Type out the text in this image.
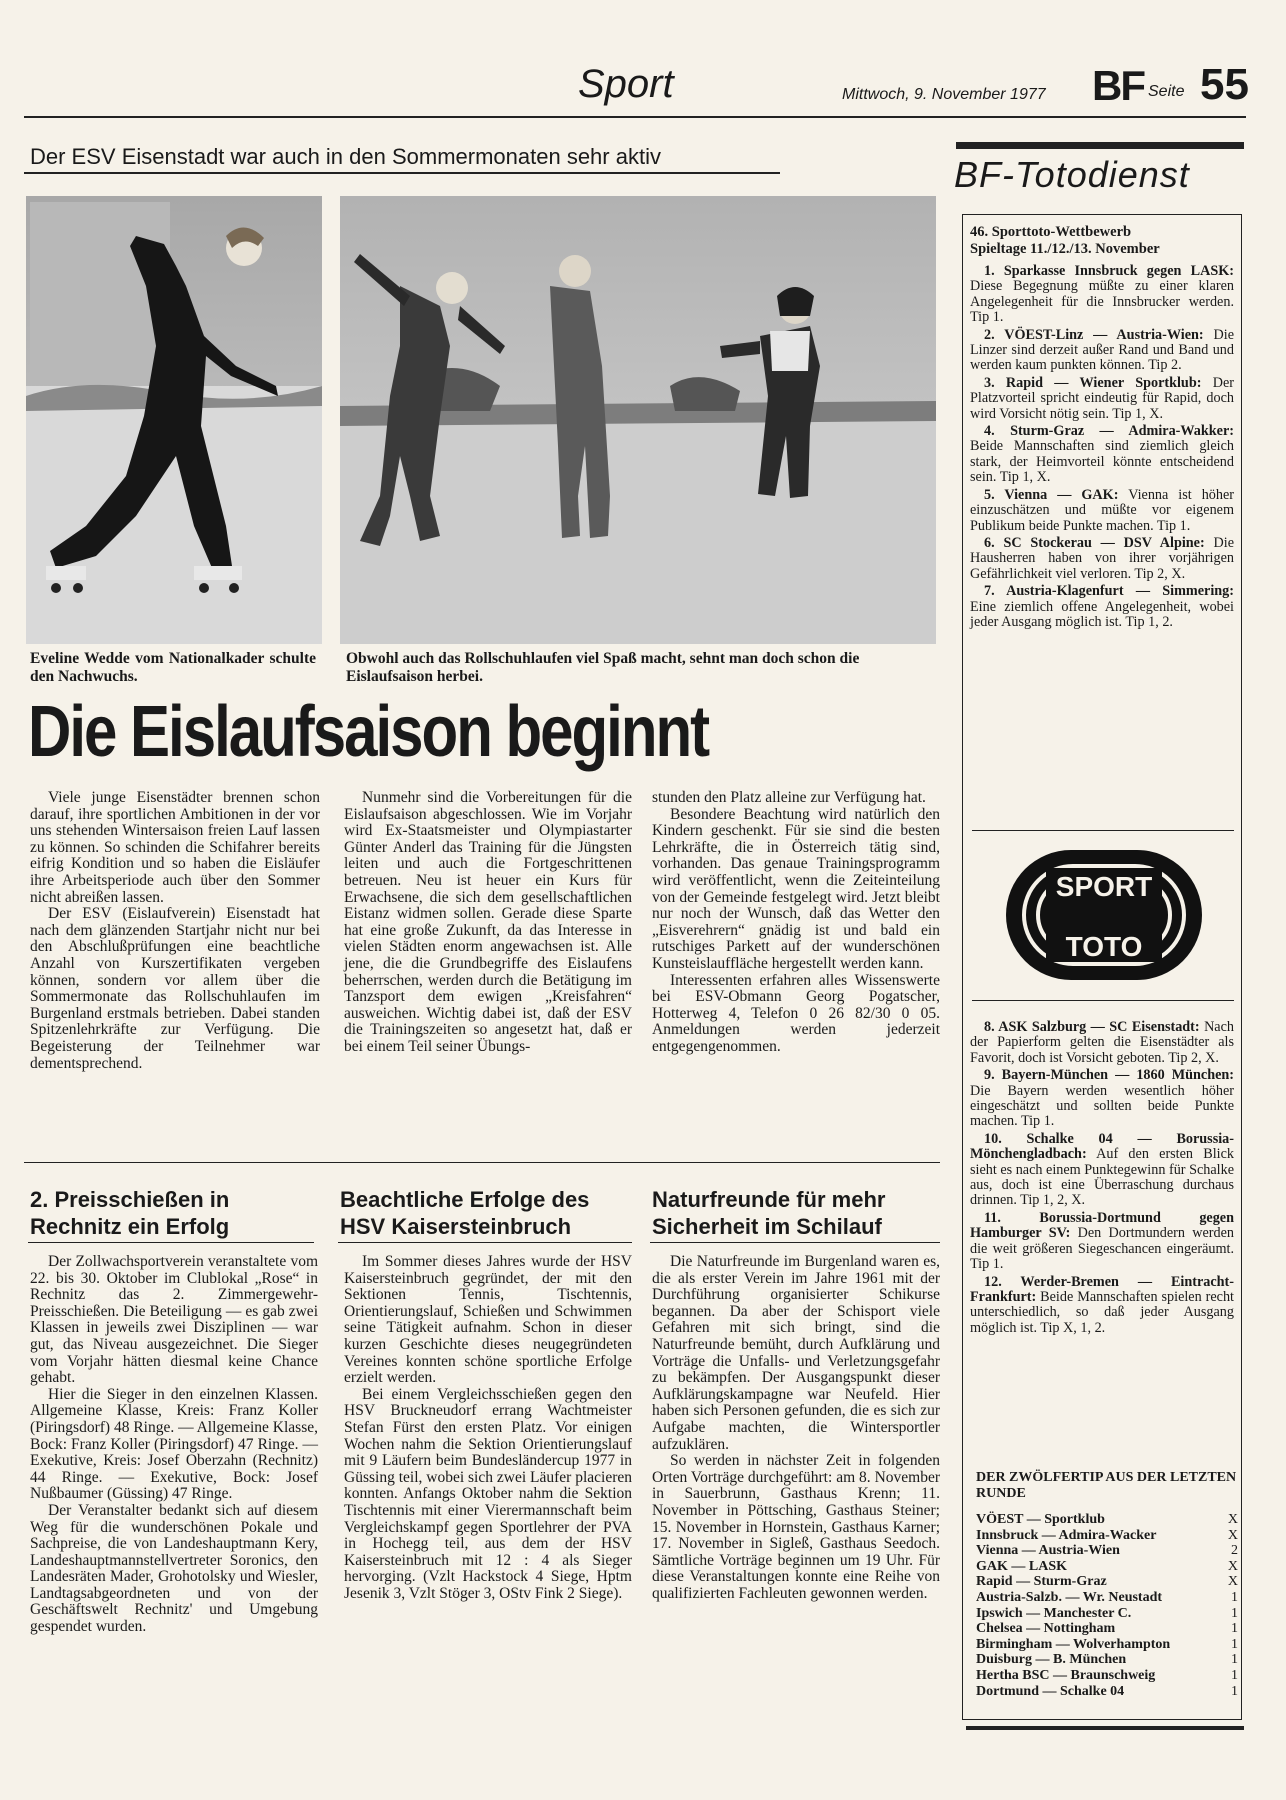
Sport	Mittwoch, 9. November 1977 BF Seite 55
Der ESV Eisenstadt war auch in den Sommermonaten sehr aktiv
Eveline Wedde vom Nationalkader schulte den Nachwuchs.
Obwohl auch das Rollschuhlaufen viel Spaß macht, sehnt man doch schon die Eislaufsaison herbei.
Die Eislaufsaison beginnt

Viele junge Eisenstädter brennen schon darauf, ihre sportlichen Ambitionen in der vor uns stehenden Wintersaison freien Lauf lassen zu können. So schinden die Schifahrer bereits eifrig Kondition und so haben die Eisläufer ihre Arbeitsperiode auch über den Sommer nicht abreißen lassen.

Der ESV (Eislaufverein) Eisenstadt hat nach dem glänzenden Startjahr nicht nur bei den Abschlußprüfungen eine beachtliche Anzahl von Kurszertifikaten vergeben können, sondern vor allem über die Sommermonate das Rollschuhlaufen im Burgenland erstmals betrieben. Dabei standen Spitzenlehrkräfte zur Verfügung. Die Begeisterung der Teilnehmer war dementsprechend.

Nunmehr sind die Vorbereitungen für die Eislaufsaison abgeschlossen. Wie im Vorjahr wird Ex-Staatsmeister und Olympiastarter Günter Anderl das Training für die Jüngsten leiten und auch die Fortgeschrittenen betreuen. Neu ist heuer ein Kurs für Erwachsene, die sich dem gesellschaftlichen Eistanz widmen sollen. Gerade diese Sparte hat eine große Zukunft, da das Interesse in vielen Städten enorm angewachsen ist. Alle jene, die die Grundbegriffe des Eislaufens beherrschen, werden durch die Betätigung im Tanzsport dem ewigen „Kreisfahren“ ausweichen. Wichtig dabei ist, daß der ESV die Trainingszeiten so angesetzt hat, daß er bei einem Teil seiner Übungs-

stunden den Platz alleine zur Verfügung hat.

Besondere Beachtung wird natürlich den Kindern geschenkt. Für sie sind die besten Lehrkräfte, die in Österreich tätig sind, vorhanden. Das genaue Trainingsprogramm wird veröffentlicht, wenn die Zeiteinteilung von der Gemeinde festgelegt wird. Jetzt bleibt nur noch der Wunsch, daß das Wetter den „Eisverehrern“ gnädig ist und bald ein rutschiges Parkett auf der wunderschönen Kunsteislauffläche hergestellt werden kann.

Interessenten erfahren alles Wissenswerte bei ESV-Obmann Georg Pogatscher, Hotterweg 4, Telefon 0 26 82/30 0 05. Anmeldungen werden jederzeit entgegengenommen.

2. Preisschießen in Rechnitz ein Erfolg

Der Zollwachsportverein veranstaltete vom 22. bis 30. Oktober im Clublokal „Rose“ in Rechnitz das 2. Zimmergewehr-Preisschießen. Die Beteiligung — es gab zwei Klassen in jeweils zwei Disziplinen — war gut, das Niveau ausgezeichnet. Die Sieger vom Vorjahr hätten diesmal keine Chance gehabt.

Hier die Sieger in den einzelnen Klassen. Allgemeine Klasse, Kreis: Franz Koller (Piringsdorf) 48 Ringe. — Allgemeine Klasse, Bock: Franz Koller (Piringsdorf) 47 Ringe. — Exekutive, Kreis: Josef Oberzahn (Rechnitz) 44 Ringe. — Exekutive, Bock: Josef Nußbaumer (Güssing) 47 Ringe.

Der Veranstalter bedankt sich auf diesem Weg für die wunderschönen Pokale und Sachpreise, die von Landeshauptmann Kery, Landeshauptmannstellvertreter Soronics, den Landesräten Mader, Grohotolsky und Wiesler, Landtagsabgeordneten und von der Geschäftswelt Rechnitz' und Umgebung gespendet wurden.

Beachtliche Erfolge des HSV Kaisersteinbruch

Im Sommer dieses Jahres wurde der HSV Kaisersteinbruch gegründet, der mit den Sektionen Tennis, Tischtennis, Orientierungslauf, Schießen und Schwimmen seine Tätigkeit aufnahm. Schon in dieser kurzen Geschichte dieses neugegründeten Vereines konnten schöne sportliche Erfolge erzielt werden.

Bei einem Vergleichsschießen gegen den HSV Bruckneudorf errang Wachtmeister Stefan Fürst den ersten Platz. Vor einigen Wochen nahm die Sektion Orientierungslauf mit 9 Läufern beim Bundesländercup 1977 in Güssing teil, wobei sich zwei Läufer placieren konnten. Anfangs Oktober nahm die Sektion Tischtennis mit einer Vierermannschaft beim Vergleichskampf gegen Sportlehrer der PVA in Hochegg teil, aus dem der HSV Kaisersteinbruch mit 12 : 4 als Sieger hervorging. (Vzlt Hackstock 4 Siege, Hptm Jesenik 3, Vzlt Stöger 3, OStv Fink 2 Siege).

Naturfreunde für mehr Sicherheit im Schilauf

Die Naturfreunde im Burgenland waren es, die als erster Verein im Jahre 1961 mit der Durchführung organisierter Schikurse begannen. Da aber der Schisport viele Gefahren mit sich bringt, sind die Naturfreunde bemüht, durch Aufklärung und Vorträge die Unfalls- und Verletzungsgefahr zu bekämpfen. Der Ausgangspunkt dieser Aufklärungskampagne war Neufeld. Hier haben sich Personen gefunden, die es sich zur Aufgabe machten, die Wintersportler aufzuklären.

So werden in nächster Zeit in folgenden Orten Vorträge durchgeführt: am 8. November in Sauerbrunn, Gasthaus Krenn; 11. November in Pöttsching, Gasthaus Steiner; 15. November in Hornstein, Gasthaus Karner; 17. November in Sigleß, Gasthaus Seedoch. Sämtliche Vorträge beginnen um 19 Uhr. Für diese Veranstaltungen konnte eine Reihe von qualifizierten Fachleuten gewonnen werden.

BF-Totodienst
46. Sporttoto-Wettbewerb
Spieltage 11./12./13. November

1. Sparkasse Innsbruck gegen LASK: Diese Begegnung müßte zu einer klaren Angelegenheit für die Innsbrucker werden. Tip 1.

2. VÖEST-Linz — Austria-Wien: Die Linzer sind derzeit außer Rand und Band und werden kaum punkten können. Tip 2.

3. Rapid — Wiener Sportklub: Der Platzvorteil spricht eindeutig für Rapid, doch wird Vorsicht nötig sein. Tip 1, X.

4. Sturm-Graz — Admira-Wakker: Beide Mannschaften sind ziemlich gleich stark, der Heimvorteil könnte entscheidend sein. Tip 1, X.

5. Vienna — GAK: Vienna ist höher einzuschätzen und müßte vor eigenem Publikum beide Punkte machen. Tip 1.

6. SC Stockerau — DSV Alpine: Die Hausherren haben von ihrer vorjährigen Gefährlichkeit viel verloren. Tip 2, X.

7. Austria-Klagenfurt — Simmering: Eine ziemlich offene Angelegenheit, wobei jeder Ausgang möglich ist. Tip 1, 2.

SPORT
TOTO

8. ASK Salzburg — SC Eisenstadt: Nach der Papierform gelten die Eisenstädter als Favorit, doch ist Vorsicht geboten. Tip 2, X.

9. Bayern-München — 1860 München: Die Bayern werden wesentlich höher eingeschätzt und sollten beide Punkte machen. Tip 1.

10. Schalke 04 — Borussia-Mönchengladbach: Auf den ersten Blick sieht es nach einem Punktegewinn für Schalke aus, doch ist eine Überraschung durchaus drinnen. Tip 1, 2, X.

11. Borussia-Dortmund gegen Hamburger SV: Den Dortmundern werden die weit größeren Siegeschancen eingeräumt. Tip 1.

12. Werder-Bremen — Eintracht-Frankfurt: Beide Mannschaften spielen recht unterschiedlich, so daß jeder Ausgang möglich ist. Tip X, 1, 2.

DER ZWÖLFERTIP AUS DER LETZTEN RUNDE
VÖEST — Sportklub	X
Innsbruck — Admira-Wacker	X
Vienna — Austria-Wien	2
GAK — LASK	X
Rapid — Sturm-Graz	X
Austria-Salzb. — Wr. Neustadt	1
Ipswich — Manchester C.	1
Chelsea — Nottingham	1
Birmingham — Wolverhampton	1
Duisburg — B. München	1
Hertha BSC — Braunschweig	1
Dortmund — Schalke 04	1
